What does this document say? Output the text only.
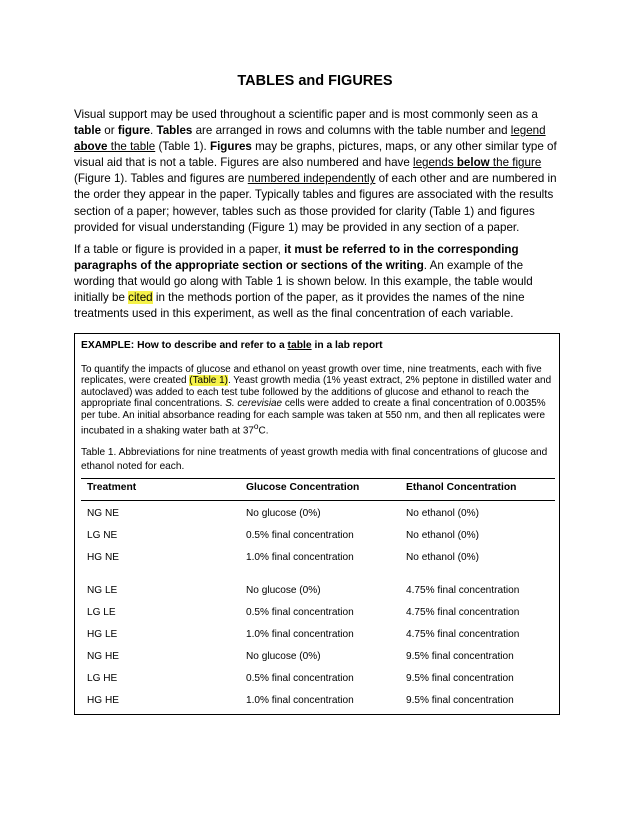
TABLES and FIGURES

Visual support may be used throughout a scientific paper and is most commonly seen as a table or figure. Tables are arranged in rows and columns with the table number and legend above the table (Table 1). Figures may be graphs, pictures, maps, or any other similar type of visual aid that is not a table. Figures are also numbered and have legends below the figure (Figure 1). Tables and figures are numbered independently of each other and are numbered in the order they appear in the paper. Typically tables and figures are associated with the results section of a paper; however, tables such as those provided for clarity (Table 1) and figures provided for visual understanding (Figure 1) may be provided in any section of a paper.

If a table or figure is provided in a paper, it must be referred to in the corresponding paragraphs of the appropriate section or sections of the writing. An example of the wording that would go along with Table 1 is shown below. In this example, the table would initially be cited in the methods portion of the paper, as it provides the names of the nine treatments used in this experiment, as well as the final concentration of each variable.

EXAMPLE: How to describe and refer to a table in a lab report

To quantify the impacts of glucose and ethanol on yeast growth over time, nine treatments, each with five replicates, were created (Table 1). Yeast growth media (1% yeast extract, 2% peptone in distilled water and autoclaved) was added to each test tube followed by the additions of glucose and ethanol to reach the appropriate final concentrations. S. cerevisiae cells were added to create a final concentration of 0.0035% per tube. An initial absorbance reading for each sample was taken at 550 nm, and then all replicates were incubated in a shaking water bath at 37$^o$C.

Table 1. Abbreviations for nine treatments of yeast growth media with final concentrations of glucose and ethanol noted for each.

Treatment	Glucose Concentration	Ethanol Concentration
NG NE	No glucose (0%)	No ethanol (0%)
LG NE	0.5% final concentration	No ethanol (0%)
HG NE	1.0% final concentration	No ethanol (0%)
NG LE	No glucose (0%)	4.75% final concentration
LG LE	0.5% final concentration	4.75% final concentration
HG LE	1.0% final concentration	4.75% final concentration
NG HE	No glucose (0%)	9.5% final concentration
LG HE	0.5% final concentration	9.5% final concentration
HG HE	1.0% final concentration	9.5% final concentration
